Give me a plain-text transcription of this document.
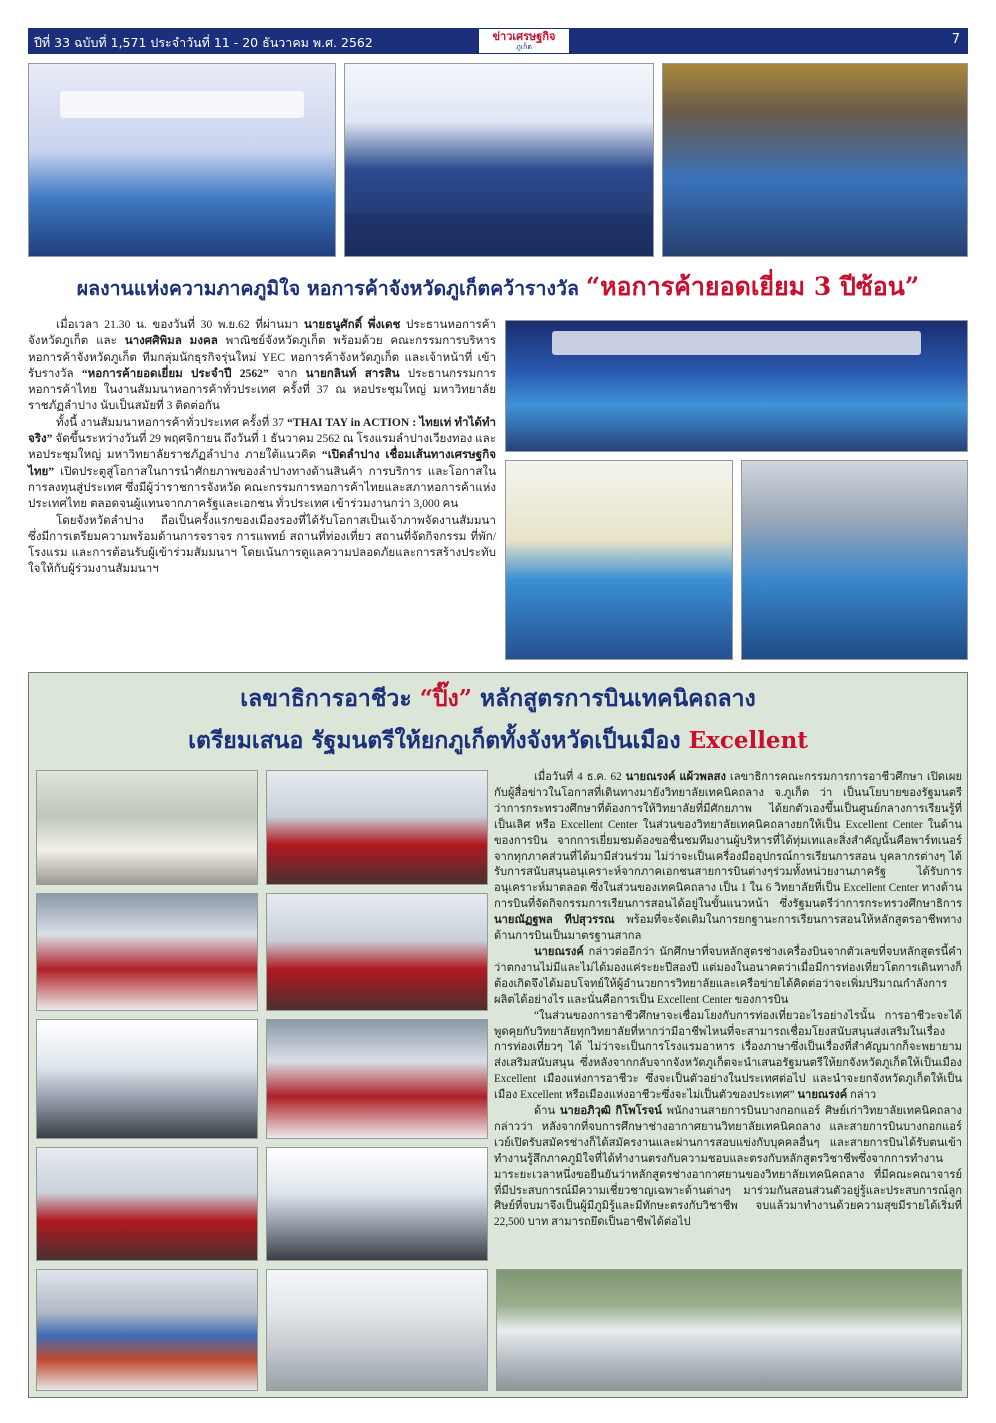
ปีที่ 33 ฉบับที่ 1,571 ประจำวันที่ 11 - 20 ธันวาคม พ.ศ. 2562	ข่าวเศรษฐกิจ
ภูเก็ต	7
ผลงานแห่งความภาคภูมิใจ หอการค้าจังหวัดภูเก็ตคว้ารางวัล “หอการค้ายอดเยี่ยม 3 ปีซ้อน”

เมื่อเวลา 21.30 น. ของวันที่ 30 พ.ย.62 ที่ผ่านมา นายธนูศักดิ์ พึ่งเดช ประธานหอการค้าจังหวัดภูเก็ต และ นางศศิพิมล มงคล พาณิชย์จังหวัดภูเก็ต พร้อมด้วย คณะกรรมการบริหารหอการค้าจังหวัดภูเก็ต ทีมกลุ่มนักธุรกิจรุ่นใหม่ YEC หอการค้าจังหวัดภูเก็ต และเจ้าหน้าที่ เข้ารับรางวัล “หอการค้ายอดเยี่ยม ประจำปี 2562” จาก นายกลินท์ สารสิน ประธานกรรมการหอการค้าไทย ในงานสัมมนาหอการค้าทั่วประเทศ ครั้งที่ 37 ณ หอประชุมใหญ่ มหาวิทยาลัยราชภัฏลำปาง นับเป็นสมัยที่ 3 ติดต่อกัน

ทั้งนี้ งานสัมมนาหอการค้าทั่วประเทศ ครั้งที่ 37 “THAI TAY in ACTION : ไทยเท่ ทำได้ทำจริง” จัดขึ้นระหว่างวันที่ 29 พฤศจิกายน ถึงวันที่ 1 ธันวาคม 2562 ณ โรงแรมลำปางเวียงทอง และหอประชุมใหญ่ มหาวิทยาลัยราชภัฏลำปาง ภายใต้แนวคิด “เปิดลำปาง เชื่อมเส้นทางเศรษฐกิจไทย” เปิดประตูสู่โอกาสในการนำศักยภาพของลำปางทางด้านสินค้า การบริการ และโอกาสในการลงทุนสู่ประเทศ ซึ่งมีผู้ว่าราชการจังหวัด คณะกรรมการหอการค้าไทยและสภาหอการค้าแห่งประเทศไทย ตลอดจนผู้แทนจากภาครัฐและเอกชน ทั่วประเทศ เข้าร่วมงานกว่า 3,000 คน

โดยจังหวัดลำปาง ถือเป็นครั้งแรกของเมืองรองที่ได้รับโอกาสเป็นเจ้าภาพจัดงานสัมมนา ซึ่งมีการเตรียมความพร้อมด้านการจราจร การแพทย์ สถานที่ท่องเที่ยว สถานที่จัดกิจกรรม ที่พัก/โรงแรม และการต้อนรับผู้เข้าร่วมสัมมนาฯ โดยเน้นการดูแลความปลอดภัยและการสร้างประทับใจให้กับผู้ร่วมงานสัมมนาฯ

เลขาธิการอาชีวะ “ปิ๊ง” หลักสูตรการบินเทคนิคถลาง
เตรียมเสนอ รัฐมนตรีให้ยกภูเก็ตทั้งจังหวัดเป็นเมือง Excellent

เมื่อวันที่ 4 ธ.ค. 62 นายณรงค์ แผ้วพลสง เลขาธิการคณะกรรมการการอาชีวศึกษา เปิดเผยกับผู้สื่อข่าวในโอกาสที่เดินทางมายังวิทยาลัยเทคนิคถลาง จ.ภูเก็ต ว่า เป็นนโยบายของรัฐมนตรีว่าการกระทรวงศึกษาที่ต้องการให้วิทยาลัยที่มีศักยภาพ ได้ยกตัวเองขึ้นเป็นศูนย์กลางการเรียนรู้ที่เป็นเลิศ หรือ Excellent Center ในส่วนของวิทยาลัยเทคนิคถลางยกให้เป็น Excellent Center ในด้านของการบิน จากการเยี่ยมชมต้องขอชื่นชมทีมงานผู้บริหารที่ได้ทุ่มเทและสิ่งสำคัญนั้นคือพาร์ทเนอร์จากทุกภาคส่วนที่ได้มามีส่วนร่วม ไม่ว่าจะเป็นเครื่องมืออุปกรณ์การเรียนการสอน บุคลากรต่างๆ ได้รับการสนับสนุนอนุเคราะห์จากภาคเอกชนสายการบินต่างๆร่วมทั้งหน่วยงานภาครัฐ ได้รับการอนุเคราะห์มาตลอด ซึ่งในส่วนของเทคนิคถลาง เป็น 1 ใน 6 วิทยาลัยที่เป็น Excellent Center ทางด้านการบินที่จัดกิจกรรมการเรียนการสอนได้อยู่ในขั้นแนวหน้า ซึ่งรัฐมนตรีว่าการกระทรวงศึกษาธิการ นายณัฏฐพล ทีปสุวรรณ พร้อมที่จะจัดเติมในการยกฐานะการเรียนการสอนให้หลักสูตรอาชีพทางด้านการบินเป็นมาตรฐานสากล

นายณรงค์ กล่าวต่ออีกว่า นักศึกษาที่จบหลักสูตรช่างเครื่องบินจากตัวเลขที่จบหลักสูตรนี้คำว่าตกงานไม่มีและไม่ได้มองแค่ระยะปีสองปี แต่มองในอนาคตว่าเมื่อมีการท่องเที่ยวโตการเดินทางก็ต้องเกิดจึงได้มอบโจทย์ให้ผู้อำนวยการวิทยาลัยและเครือข่ายได้คิดต่อว่าจะเพิ่มปริมาณกำลังการผลิตได้อย่างไร และนั่นคือการเป็น Excellent Center ของการบิน

“ในส่วนของการอาชีวศึกษาจะเชื่อมโยงกับการท่องเที่ยวอะไรอย่างไรนั้น การอาชีวะจะได้พูดคุยกับวิทยาลัยทุกวิทยาลัยที่หากว่ามีอาชีพไหนที่จะสามารถเชื่อมโยงสนับสนุนส่งเสริมในเรื่องการท่องเที่ยวๆ ได้ ไม่ว่าจะเป็นการโรงแรมอาหาร เรื่องภาษาซึ่งเป็นเรื่องที่สำคัญมากก็จะพยายามส่งเสริมสนับสนุน ซึ่งหลังจากกลับจากจังหวัดภูเก็ตจะนำเสนอรัฐมนตรีให้ยกจังหวัดภูเก็ตให้เป็นเมือง Excellent เมืองแห่งการอาชีวะ ซึ่งจะเป็นตัวอย่างในประเทศต่อไป และนำจะยกจังหวัดภูเก็ตให้เป็นเมือง Excellent หรือเมืองแห่งอาชีวะซึ่งจะไม่เป็นตัวของประเทศ” นายณรงค์ กล่าว

ด้าน นายอภิวุฒิ กิโพโรจน์ พนักงานสายการบินบางกอกแอร์ ศิษย์เก่าวิทยาลัยเทคนิคถลาง กล่าวว่า หลังจากที่จบการศึกษาช่างอากาศยานวิทยาลัยเทคนิคถลาง และสายการบินบางกอกแอร์เวย์เปิดรับสมัครช่างก็ได้สมัครงานและผ่านการสอบแข่งกับบุคคลอื่นๆ และสายการบินได้รับตนเข้าทำงานรู้สึกภาคภูมิใจที่ได้ทำงานตรงกับความชอบและตรงกับหลักสูตรวิชาชีพซึ่งจากการทำงานมาระยะเวลาหนึ่งขอยืนยันว่าหลักสูตรช่างอากาศยานของวิทยาลัยเทคนิคถลาง ที่มีคณะคณาจารย์ที่มีประสบการณ์มีความเชี่ยวชาญเฉพาะด้านต่างๆ มาร่วมกันสอนส่วนตัวอยู่รู้และประสบการณ์ลูกศิษย์ที่จบมาจึงเป็นผู้มีภูมิรู้และมีทักษะตรงกับวิชาชีพ จบแล้วมาทำงานด้วยความสุขมีรายได้เริ่มที่ 22,500 บาท สามารถยึดเป็นอาชีพได้ต่อไป
